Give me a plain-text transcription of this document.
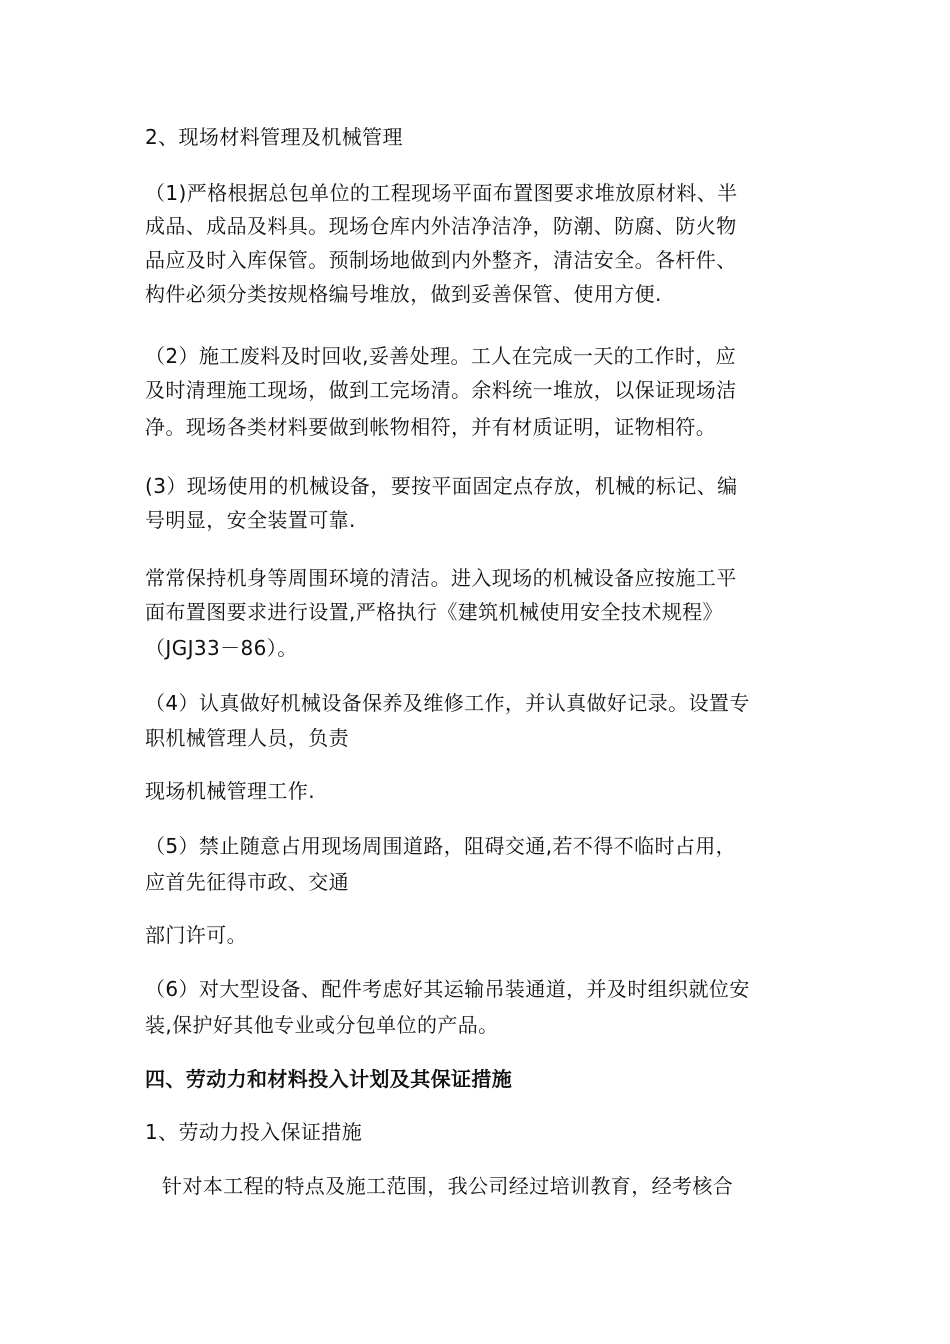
2、现场材料管理及机械管理
（1)严格根据总包单位的工程现场平面布置图要求堆放原材料、半
成品、成品及料具。现场仓库内外洁净洁净，防潮、防腐、防火物
品应及时入库保管。预制场地做到内外整齐，清洁安全。各杆件、
构件必须分类按规格编号堆放，做到妥善保管、使用方便.
（2）施工废料及时回收,妥善处理。工人在完成一天的工作时，应
及时清理施工现场，做到工完场清。余料统一堆放，以保证现场洁
净。现场各类材料要做到帐物相符，并有材质证明，证物相符。
(3）现场使用的机械设备，要按平面固定点存放，机械的标记、编
号明显，安全装置可靠.
常常保持机身等周围环境的清洁。进入现场的机械设备应按施工平
面布置图要求进行设置,严格执行《建筑机械使用安全技术规程》
（JGJ33－86）。
（4）认真做好机械设备保养及维修工作，并认真做好记录。设置专
职机械管理人员，负责
现场机械管理工作.
（5）禁止随意占用现场周围道路，阻碍交通,若不得不临时占用，
应首先征得市政、交通
部门许可。
（6）对大型设备、配件考虑好其运输吊装通道，并及时组织就位安
装,保护好其他专业或分包单位的产品。
四、劳动力和材料投入计划及其保证措施
1、劳动力投入保证措施
针对本工程的特点及施工范围，我公司经过培训教育，经考核合
